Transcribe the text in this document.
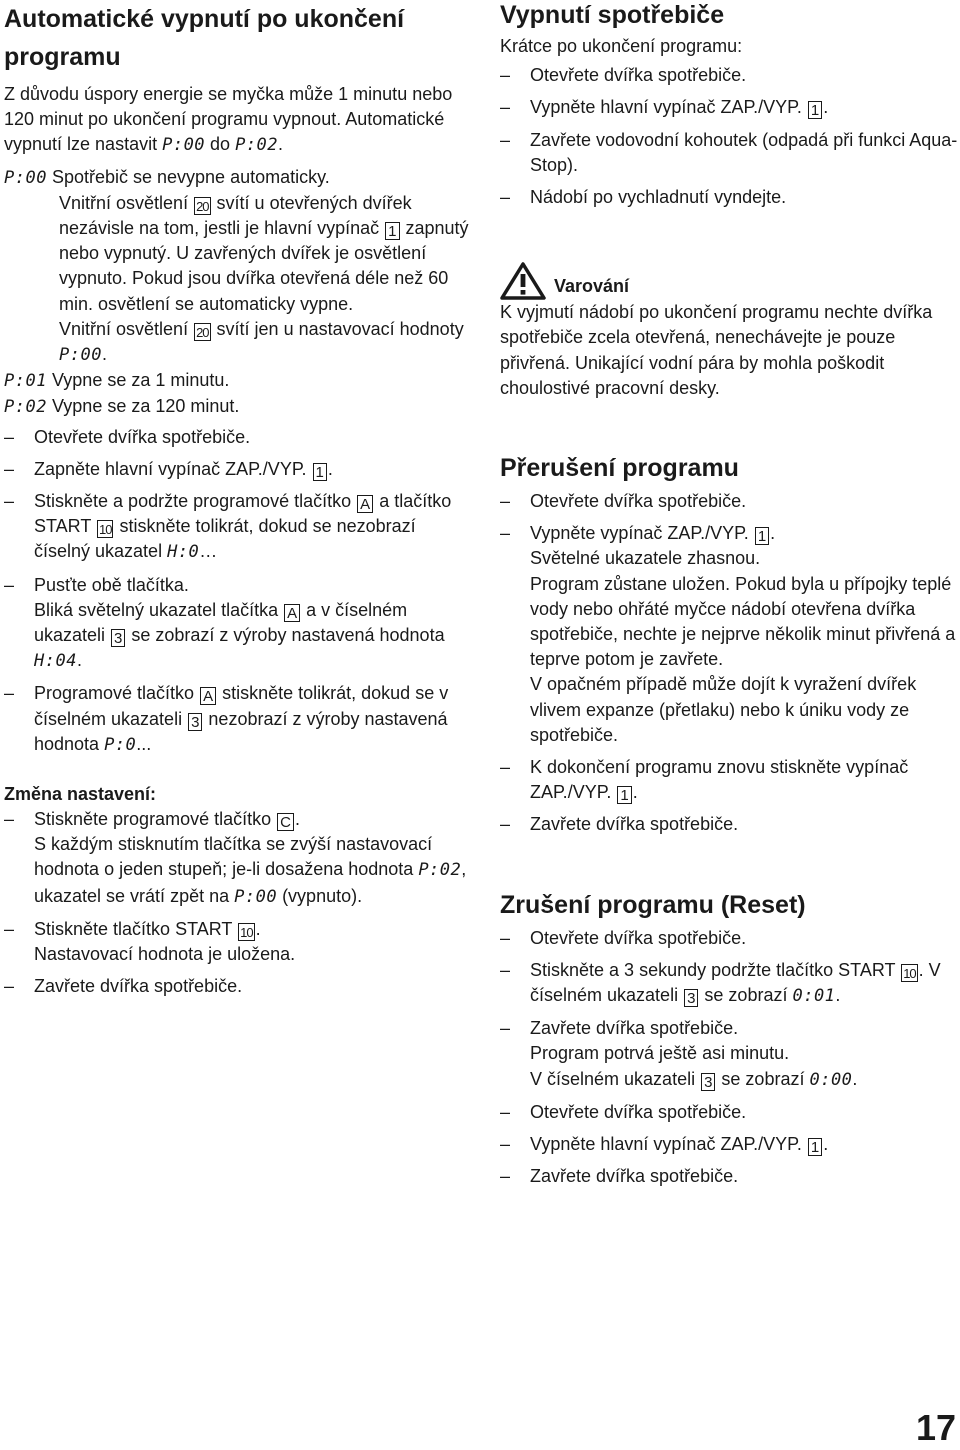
Automatické vypnutí po ukončení
programu

Z důvodu úspory energie se myčka může 1 minutu nebo 120 minut po ukončení programu vypnout. Automatické vypnutí lze nastavit P:00 do P:02.

P:00 Spotřebič se nevypne automaticky.

Vnitřní osvětlení 20 svítí u otevřených dvířek nezávisle na tom, jestli je hlavní vypínač 1 zapnutý nebo vypnutý. U zavřených dvířek je osvětlení vypnuto. Pokud jsou dvířka otevřená déle než 60 min. osvětlení se automaticky vypne.

Vnitřní osvětlení 20 svítí jen u nastavovací hodnoty P:00.

P:01 Vypne se za 1 minutu.

P:02 Vypne se za 120 minut.

– Otevřete dvířka spotřebiče.
– Zapněte hlavní vypínač ZAP./VYP. 1 .
– Stiskněte a podržte programové tlačítko A a tlačítko START 10 stiskněte tolikrát, dokud se nezobrazí číselný ukazatel H:0…
– Pusťte obě tlačítka.
Bliká světelný ukazatel tlačítka A a v číselném ukazateli 3 se zobrazí z výroby nastavená hodnota H:04.
– Programové tlačítko A stiskněte tolikrát, dokud se v číselném ukazateli 3 nezobrazí z výroby nastavená hodnota P:0...
Změna nastavení:
– Stiskněte programové tlačítko C .
S každým stisknutím tlačítka se zvýší nastavovací hodnota o jeden stupeň; je-li dosažena hodnota P:02, ukazatel se vrátí zpět na P:00 (vypnuto).
– Stiskněte tlačítko START 10 .
Nastavovací hodnota je uložena.
– Zavřete dvířka spotřebiče.
Vypnutí spotřebiče

Krátce po ukončení programu:

– Otevřete dvířka spotřebiče.
– Vypněte hlavní vypínač ZAP./VYP. 1 .
– Zavřete vodovodní kohoutek (odpadá při funkci Aqua-Stop).
– Nádobí po vychladnutí vyndejte.
Varování

K vyjmutí nádobí po ukončení programu nechte dvířka spotřebiče zcela otevřená, nenechávejte je pouze přivřená. Unikající vodní pára by mohla poškodit choulostivé pracovní desky.

Přerušení programu
– Otevřete dvířka spotřebiče.
– Vypněte vypínač ZAP./VYP. 1 .
Světelné ukazatele zhasnou.
Program zůstane uložen. Pokud byla u přípojky teplé vody nebo ohřáté myčce nádobí otevřena dvířka spotřebiče, nechte je nejprve několik minut přivřená a teprve potom je zavřete.
V opačném případě může dojít k vyražení dvířek vlivem expanze (přetlaku) nebo k úniku vody ze spotřebiče.
– K dokončení programu znovu stiskněte vypínač ZAP./VYP. 1 .
– Zavřete dvířka spotřebiče.
Zrušení programu (Reset)
– Otevřete dvířka spotřebiče.
– Stiskněte a 3 sekundy podržte tlačítko START 10 . V číselném ukazateli 3 se zobrazí 0:01.
– Zavřete dvířka spotřebiče.
Program potrvá ještě asi minutu.
V číselném ukazateli 3 se zobrazí 0:00.
– Otevřete dvířka spotřebiče.
– Vypněte hlavní vypínač ZAP./VYP. 1 .
– Zavřete dvířka spotřebiče.
17
